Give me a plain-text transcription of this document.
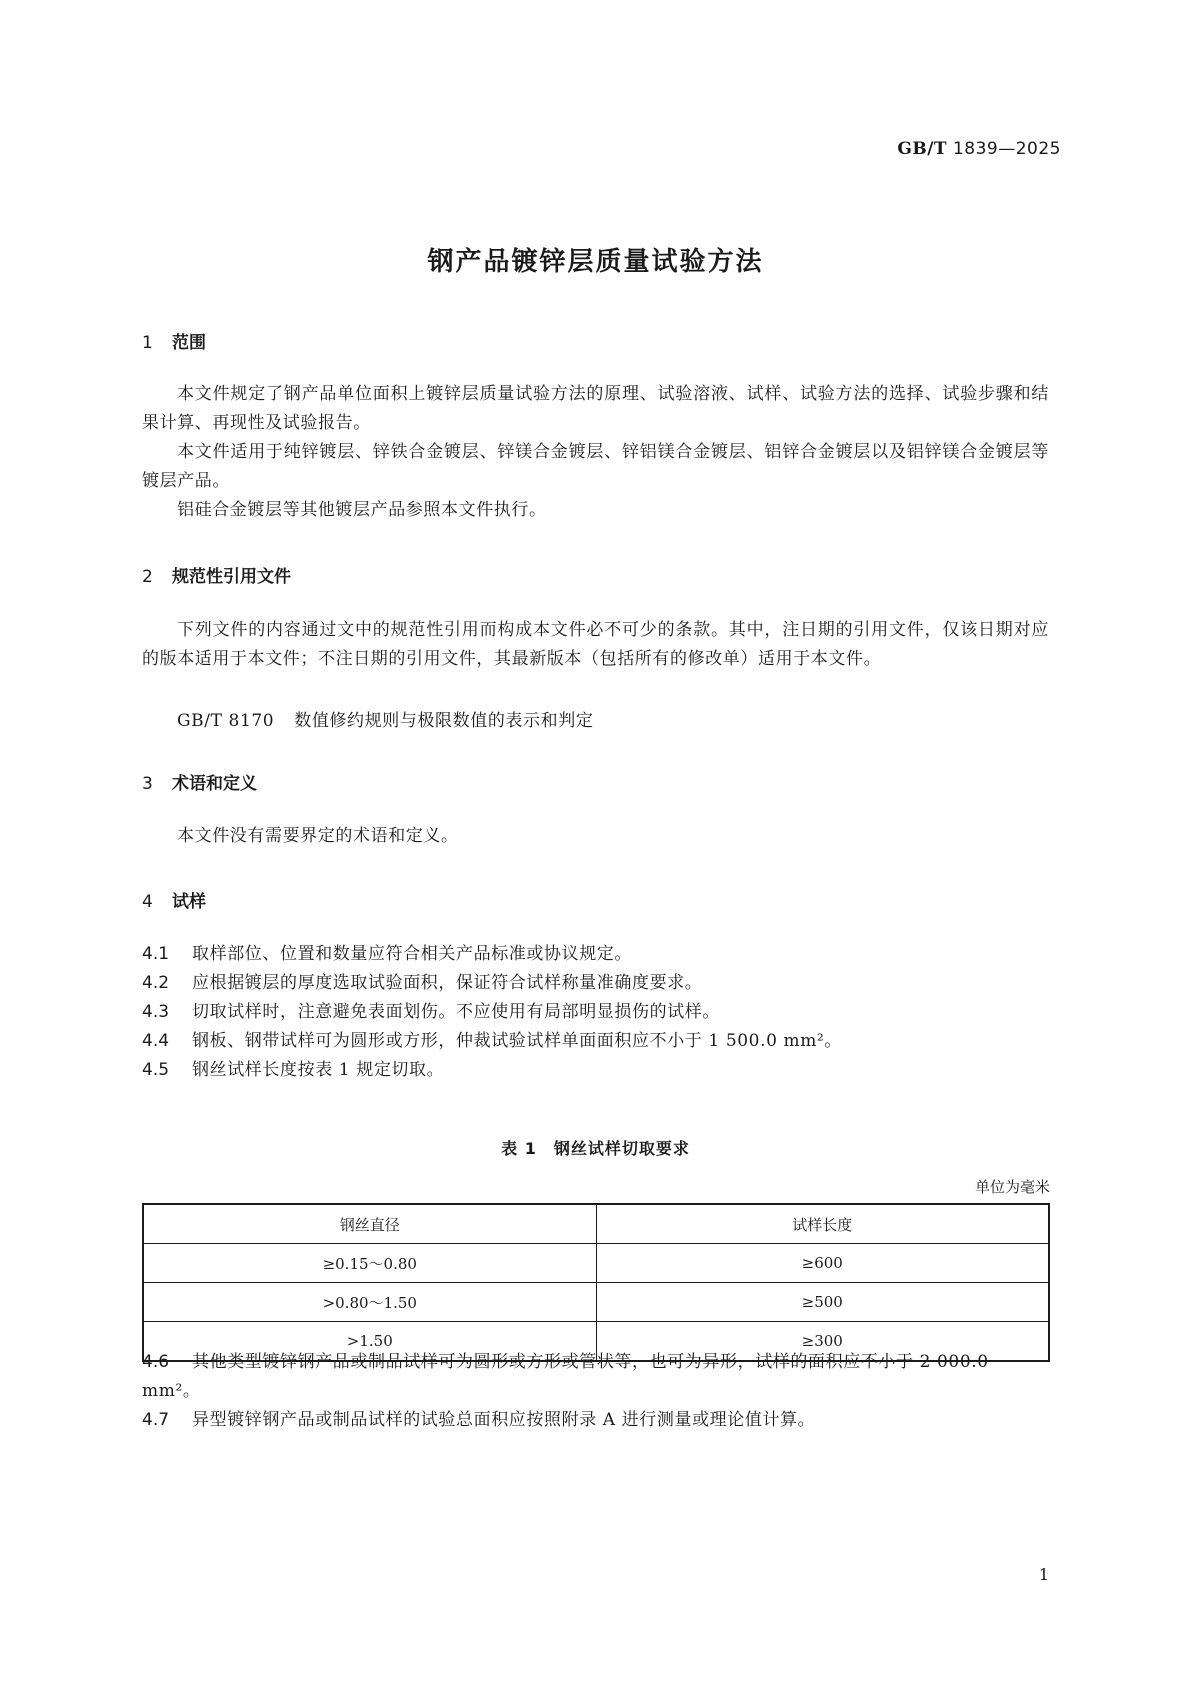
GB/T 1839—2025
钢产品镀锌层质量试验方法
1 范围
本文件规定了钢产品单位面积上镀锌层质量试验方法的原理、试验溶液、试样、试验方法的选择、试验步骤和结果计算、再现性及试验报告。
本文件适用于纯锌镀层、锌铁合金镀层、锌镁合金镀层、锌铝镁合金镀层、铝锌合金镀层以及铝锌镁合金镀层等镀层产品。
铝硅合金镀层等其他镀层产品参照本文件执行。
2 规范性引用文件
下列文件的内容通过文中的规范性引用而构成本文件必不可少的条款。其中，注日期的引用文件，仅该日期对应的版本适用于本文件；不注日期的引用文件，其最新版本（包括所有的修改单）适用于本文件。
GB/T 8170 数值修约规则与极限数值的表示和判定
3 术语和定义
本文件没有需要界定的术语和定义。
4 试样
4.1 取样部位、位置和数量应符合相关产品标准或协议规定。
4.2 应根据镀层的厚度选取试验面积，保证符合试样称量准确度要求。
4.3 切取试样时，注意避免表面划伤。不应使用有局部明显损伤的试样。
4.4 钢板、钢带试样可为圆形或方形，仲裁试验试样单面面积应不小于 1 500.0 mm²。
4.5 钢丝试样长度按表 1 规定切取。
表 1　钢丝试样切取要求
单位为毫米
钢丝直径	试样长度
≥0.15～0.80	≥600
>0.80～1.50	≥500
>1.50	≥300
4.6 其他类型镀锌钢产品或制品试样可为圆形或方形或管状等，也可为异形，试样的面积应不小于 2 000.0 mm²。
4.7 异型镀锌钢产品或制品试样的试验总面积应按照附录 A 进行测量或理论值计算。
1
